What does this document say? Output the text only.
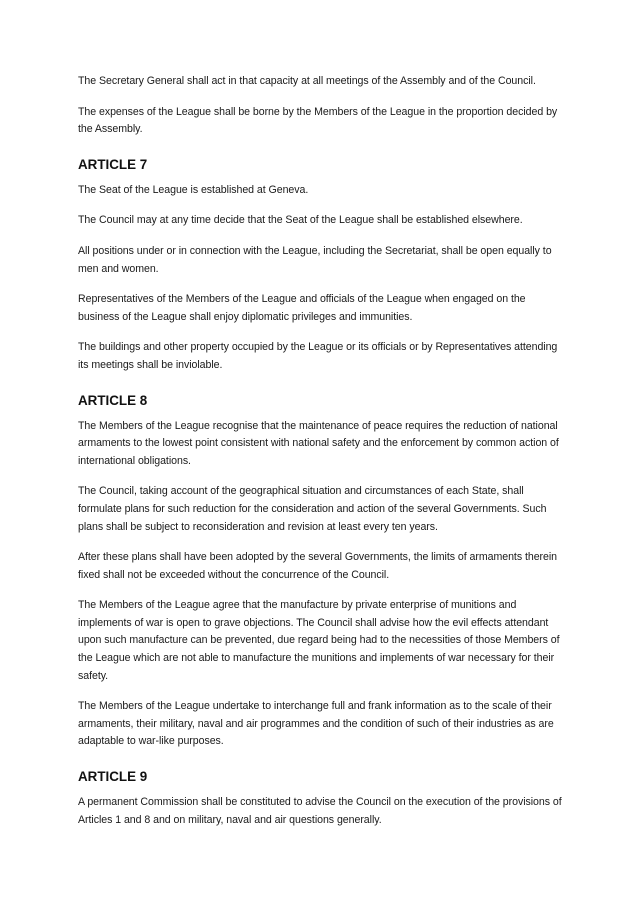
The Secretary General shall act in that capacity at all meetings of the Assembly and of the Council.

The expenses of the League shall be borne by the Members of the League in the proportion decided by the Assembly.

ARTICLE 7

The Seat of the League is established at Geneva.

The Council may at any time decide that the Seat of the League shall be established elsewhere.

All positions under or in connection with the League, including the Secretariat, shall be open equally to men and women.

Representatives of the Members of the League and officials of the League when engaged on the business of the League shall enjoy diplomatic privileges and immunities.

The buildings and other property occupied by the League or its officials or by Representatives attending its meetings shall be inviolable.

ARTICLE 8

The Members of the League recognise that the maintenance of peace requires the reduction of national armaments to the lowest point consistent with national safety and the enforcement by common action of international obligations.

The Council, taking account of the geographical situation and circumstances of each State, shall formulate plans for such reduction for the consideration and action of the several Governments. Such plans shall be subject to reconsideration and revision at least every ten years.

After these plans shall have been adopted by the several Governments, the limits of armaments therein fixed shall not be exceeded without the concurrence of the Council.

The Members of the League agree that the manufacture by private enterprise of munitions and implements of war is open to grave objections. The Council shall advise how the evil effects attendant upon such manufacture can be prevented, due regard being had to the necessities of those Members of the League which are not able to manufacture the munitions and implements of war necessary for their safety.

The Members of the League undertake to interchange full and frank information as to the scale of their armaments, their military, naval and air programmes and the condition of such of their industries as are adaptable to war-like purposes.

ARTICLE 9

A permanent Commission shall be constituted to advise the Council on the execution of the provisions of Articles 1 and 8 and on military, naval and air questions generally.
